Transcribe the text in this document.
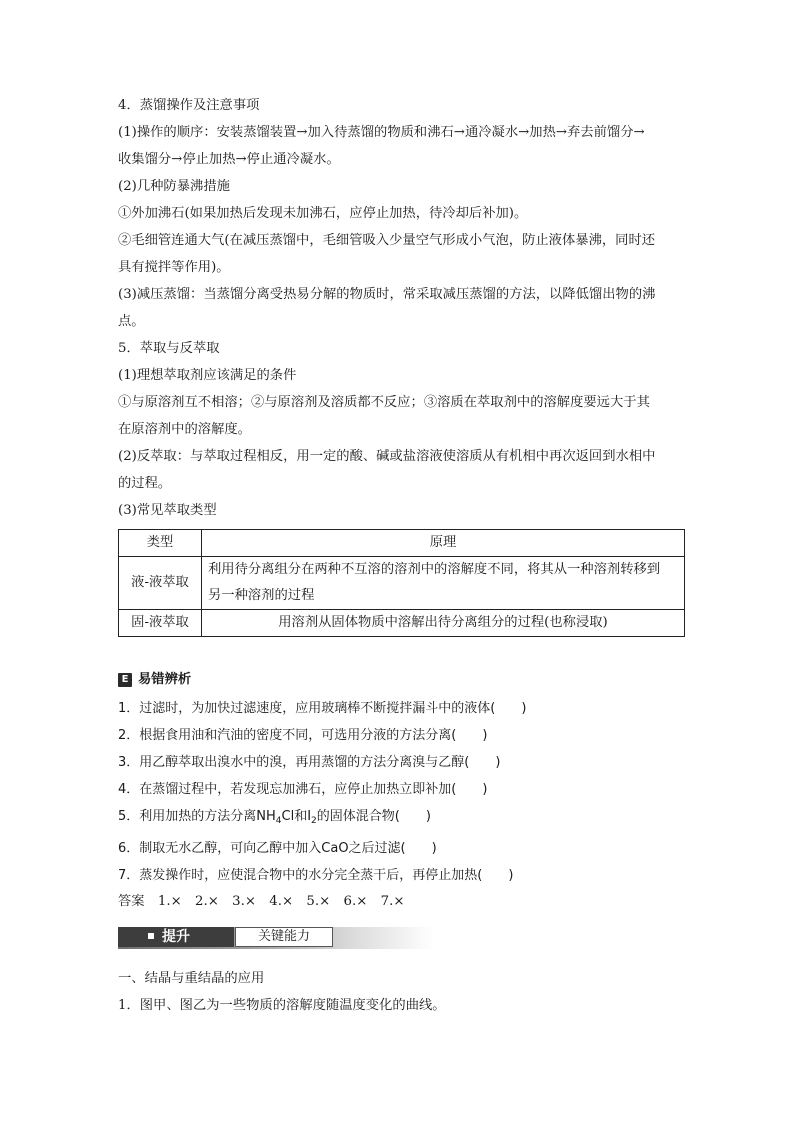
4．蒸馏操作及注意事项
(1)操作的顺序：安装蒸馏装置→加入待蒸馏的物质和沸石→通冷凝水→加热→弃去前馏分→
收集馏分→停止加热→停止通冷凝水。
(2)几种防暴沸措施
①外加沸石(如果加热后发现未加沸石，应停止加热，待冷却后补加)。
②毛细管连通大气(在减压蒸馏中，毛细管吸入少量空气形成小气泡，防止液体暴沸，同时还
具有搅拌等作用)。
(3)减压蒸馏：当蒸馏分离受热易分解的物质时，常采取减压蒸馏的方法，以降低馏出物的沸
点。
5．萃取与反萃取
(1)理想萃取剂应该满足的条件
①与原溶剂互不相溶；②与原溶剂及溶质都不反应；③溶质在萃取剂中的溶解度要远大于其
在原溶剂中的溶解度。
(2)反萃取：与萃取过程相反，用一定的酸、碱或盐溶液使溶质从有机相中再次返回到水相中
的过程。
(3)常见萃取类型
类型	原理
液-液萃取	利用待分离组分在两种不互溶的溶剂中的溶解度不同，将其从一种溶剂转移到
另一种溶剂的过程
固-液萃取	用溶剂从固体物质中溶解出待分离组分的过程(也称浸取)
E 易错辨析
1．过滤时，为加快过滤速度，应用玻璃棒不断搅拌漏斗中的液体(　　)
2．根据食用油和汽油的密度不同，可选用分液的方法分离(　　)
3．用乙醇萃取出溴水中的溴，再用蒸馏的方法分离溴与乙醇(　　)
4．在蒸馏过程中，若发现忘加沸石，应停止加热立即补加(　　)
5．利用加热的方法分离$NH_4Cl$和$I_2$的固体混合物(　　)
6．制取无水乙醇，可向乙醇中加入CaO之后过滤(　　)
7．蒸发操作时，应使混合物中的水分完全蒸干后，再停止加热(　　)
答案　1.×　2.×　3.×　4.×　5.×　6.×　7.×
提升	关键能力
一、结晶与重结晶的应用
1．图甲、图乙为一些物质的溶解度随温度变化的曲线。
